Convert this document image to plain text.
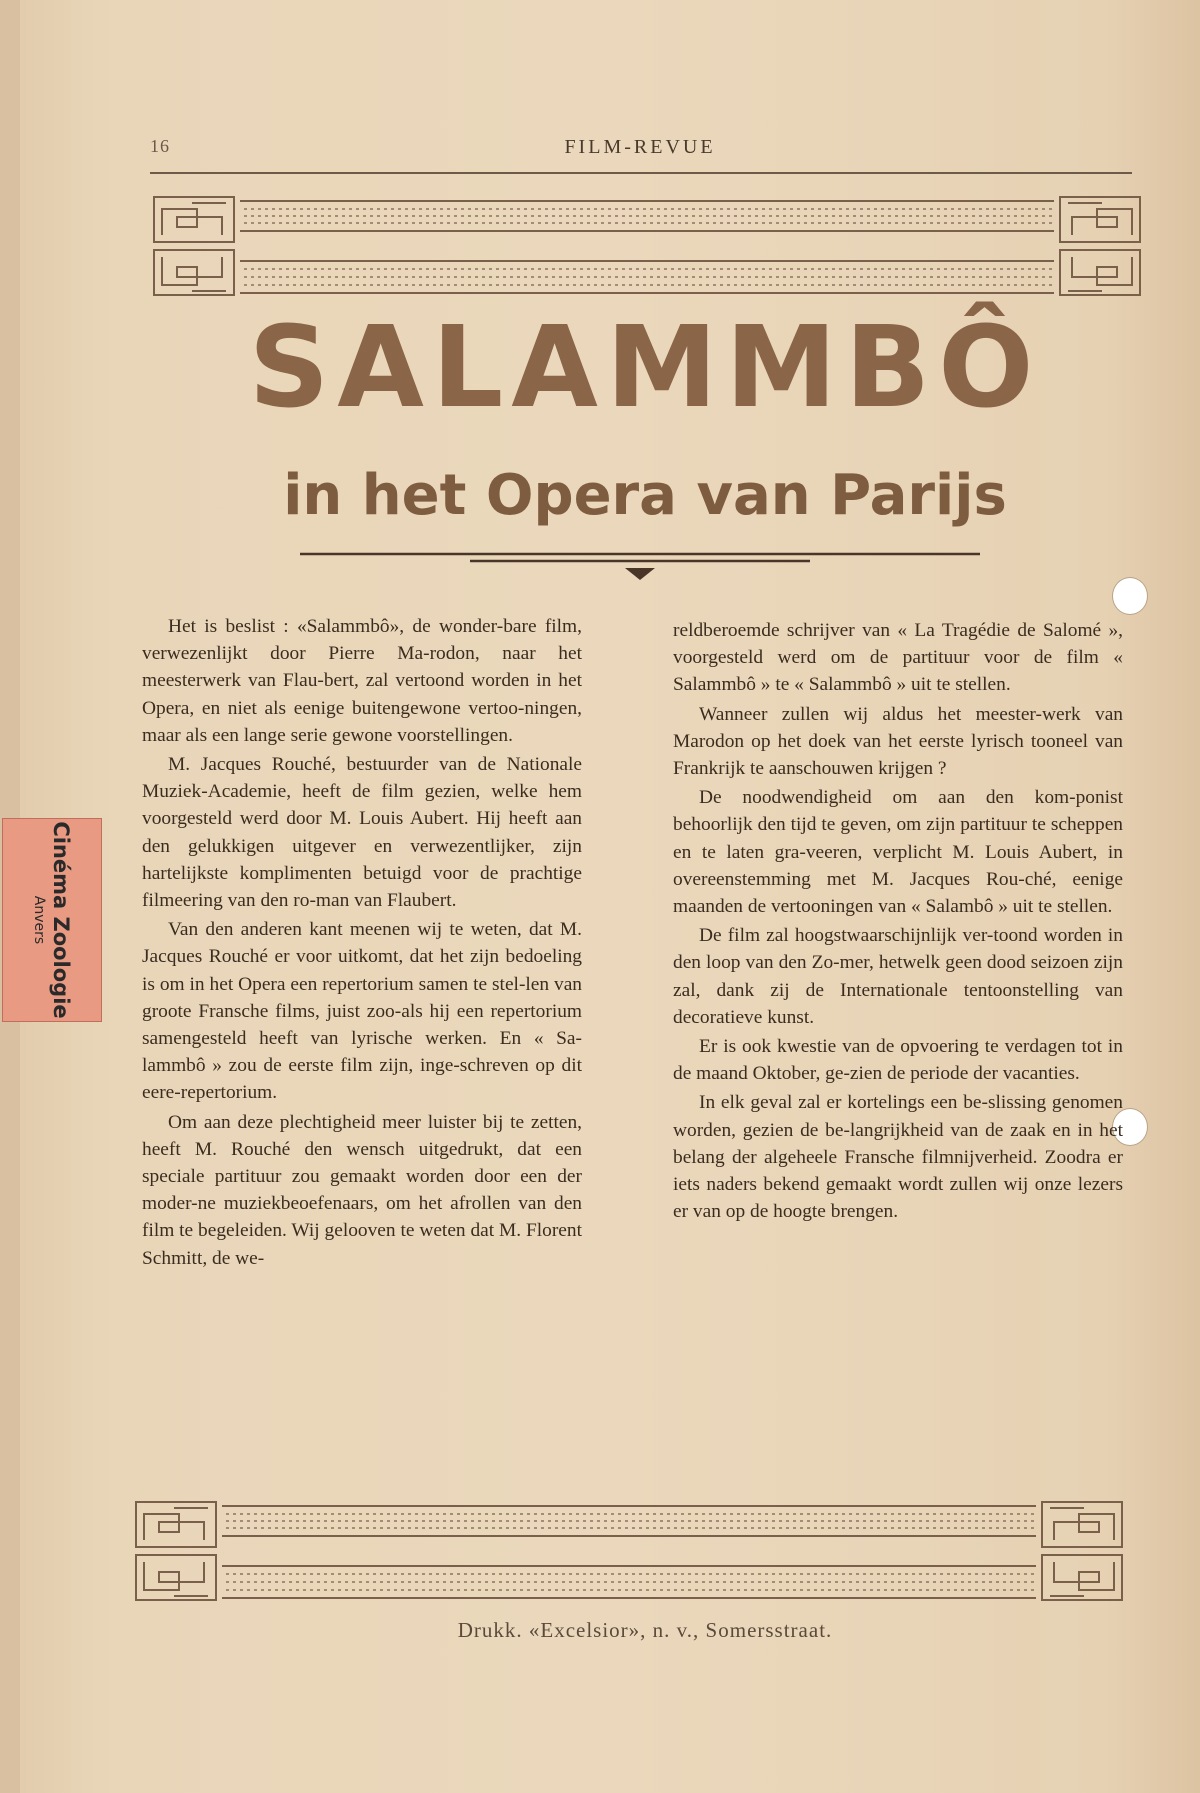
16	FILM-REVUE
SALAMMBÔ
in het Opera van Parijs

Het is beslist : «Salammbô», de wonder-bare film, verwezenlijkt door Pierre Ma-rodon, naar het meesterwerk van Flau-bert, zal vertoond worden in het Opera, en niet als eenige buitengewone vertoo-ningen, maar als een lange serie gewone voorstellingen.

M. Jacques Rouché, bestuurder van de Nationale Muziek-Academie, heeft de film gezien, welke hem voorgesteld werd door M. Louis Aubert. Hij heeft aan den gelukkigen uitgever en verwezentlijker, zijn hartelijkste komplimenten betuigd voor de prachtige filmeering van den ro-man van Flaubert.

Van den anderen kant meenen wij te weten, dat M. Jacques Rouché er voor uitkomt, dat het zijn bedoeling is om in het Opera een repertorium samen te stel-len van groote Fransche films, juist zoo-als hij een repertorium samengesteld heeft van lyrische werken. En « Sa-lammbô » zou de eerste film zijn, inge-schreven op dit eere-repertorium.

Om aan deze plechtigheid meer luister bij te zetten, heeft M. Rouché den wensch uitgedrukt, dat een speciale partituur zou gemaakt worden door een der moder-ne muziekbeoefenaars, om het afrollen van den film te begeleiden. Wij gelooven te weten dat M. Florent Schmitt, de we-

reldberoemde schrijver van « La Tragédie de Salomé », voorgesteld werd om de partituur voor de film « Salammbô » te « Salammbô » uit te stellen.

Wanneer zullen wij aldus het meester-werk van Marodon op het doek van het eerste lyrisch tooneel van Frankrijk te aanschouwen krijgen ?

De noodwendigheid om aan den kom-ponist behoorlijk den tijd te geven, om zijn partituur te scheppen en te laten gra-veeren, verplicht M. Louis Aubert, in overeenstemming met M. Jacques Rou-ché, eenige maanden de vertooningen van « Salambô » uit te stellen.

De film zal hoogstwaarschijnlijk ver-toond worden in den loop van den Zo-mer, hetwelk geen dood seizoen zijn zal, dank zij de Internationale tentoonstelling van decoratieve kunst.

Er is ook kwestie van de opvoering te verdagen tot in de maand Oktober, ge-zien de periode der vacanties.

In elk geval zal er kortelings een be-slissing genomen worden, gezien de be-langrijkheid van de zaak en in het belang der algeheele Fransche filmnijverheid. Zoodra er iets naders bekend gemaakt wordt zullen wij onze lezers er van op de hoogte brengen.

Drukk. «Excelsior», n. v., Somersstraat.
Cinéma Zoologie
Anvers
